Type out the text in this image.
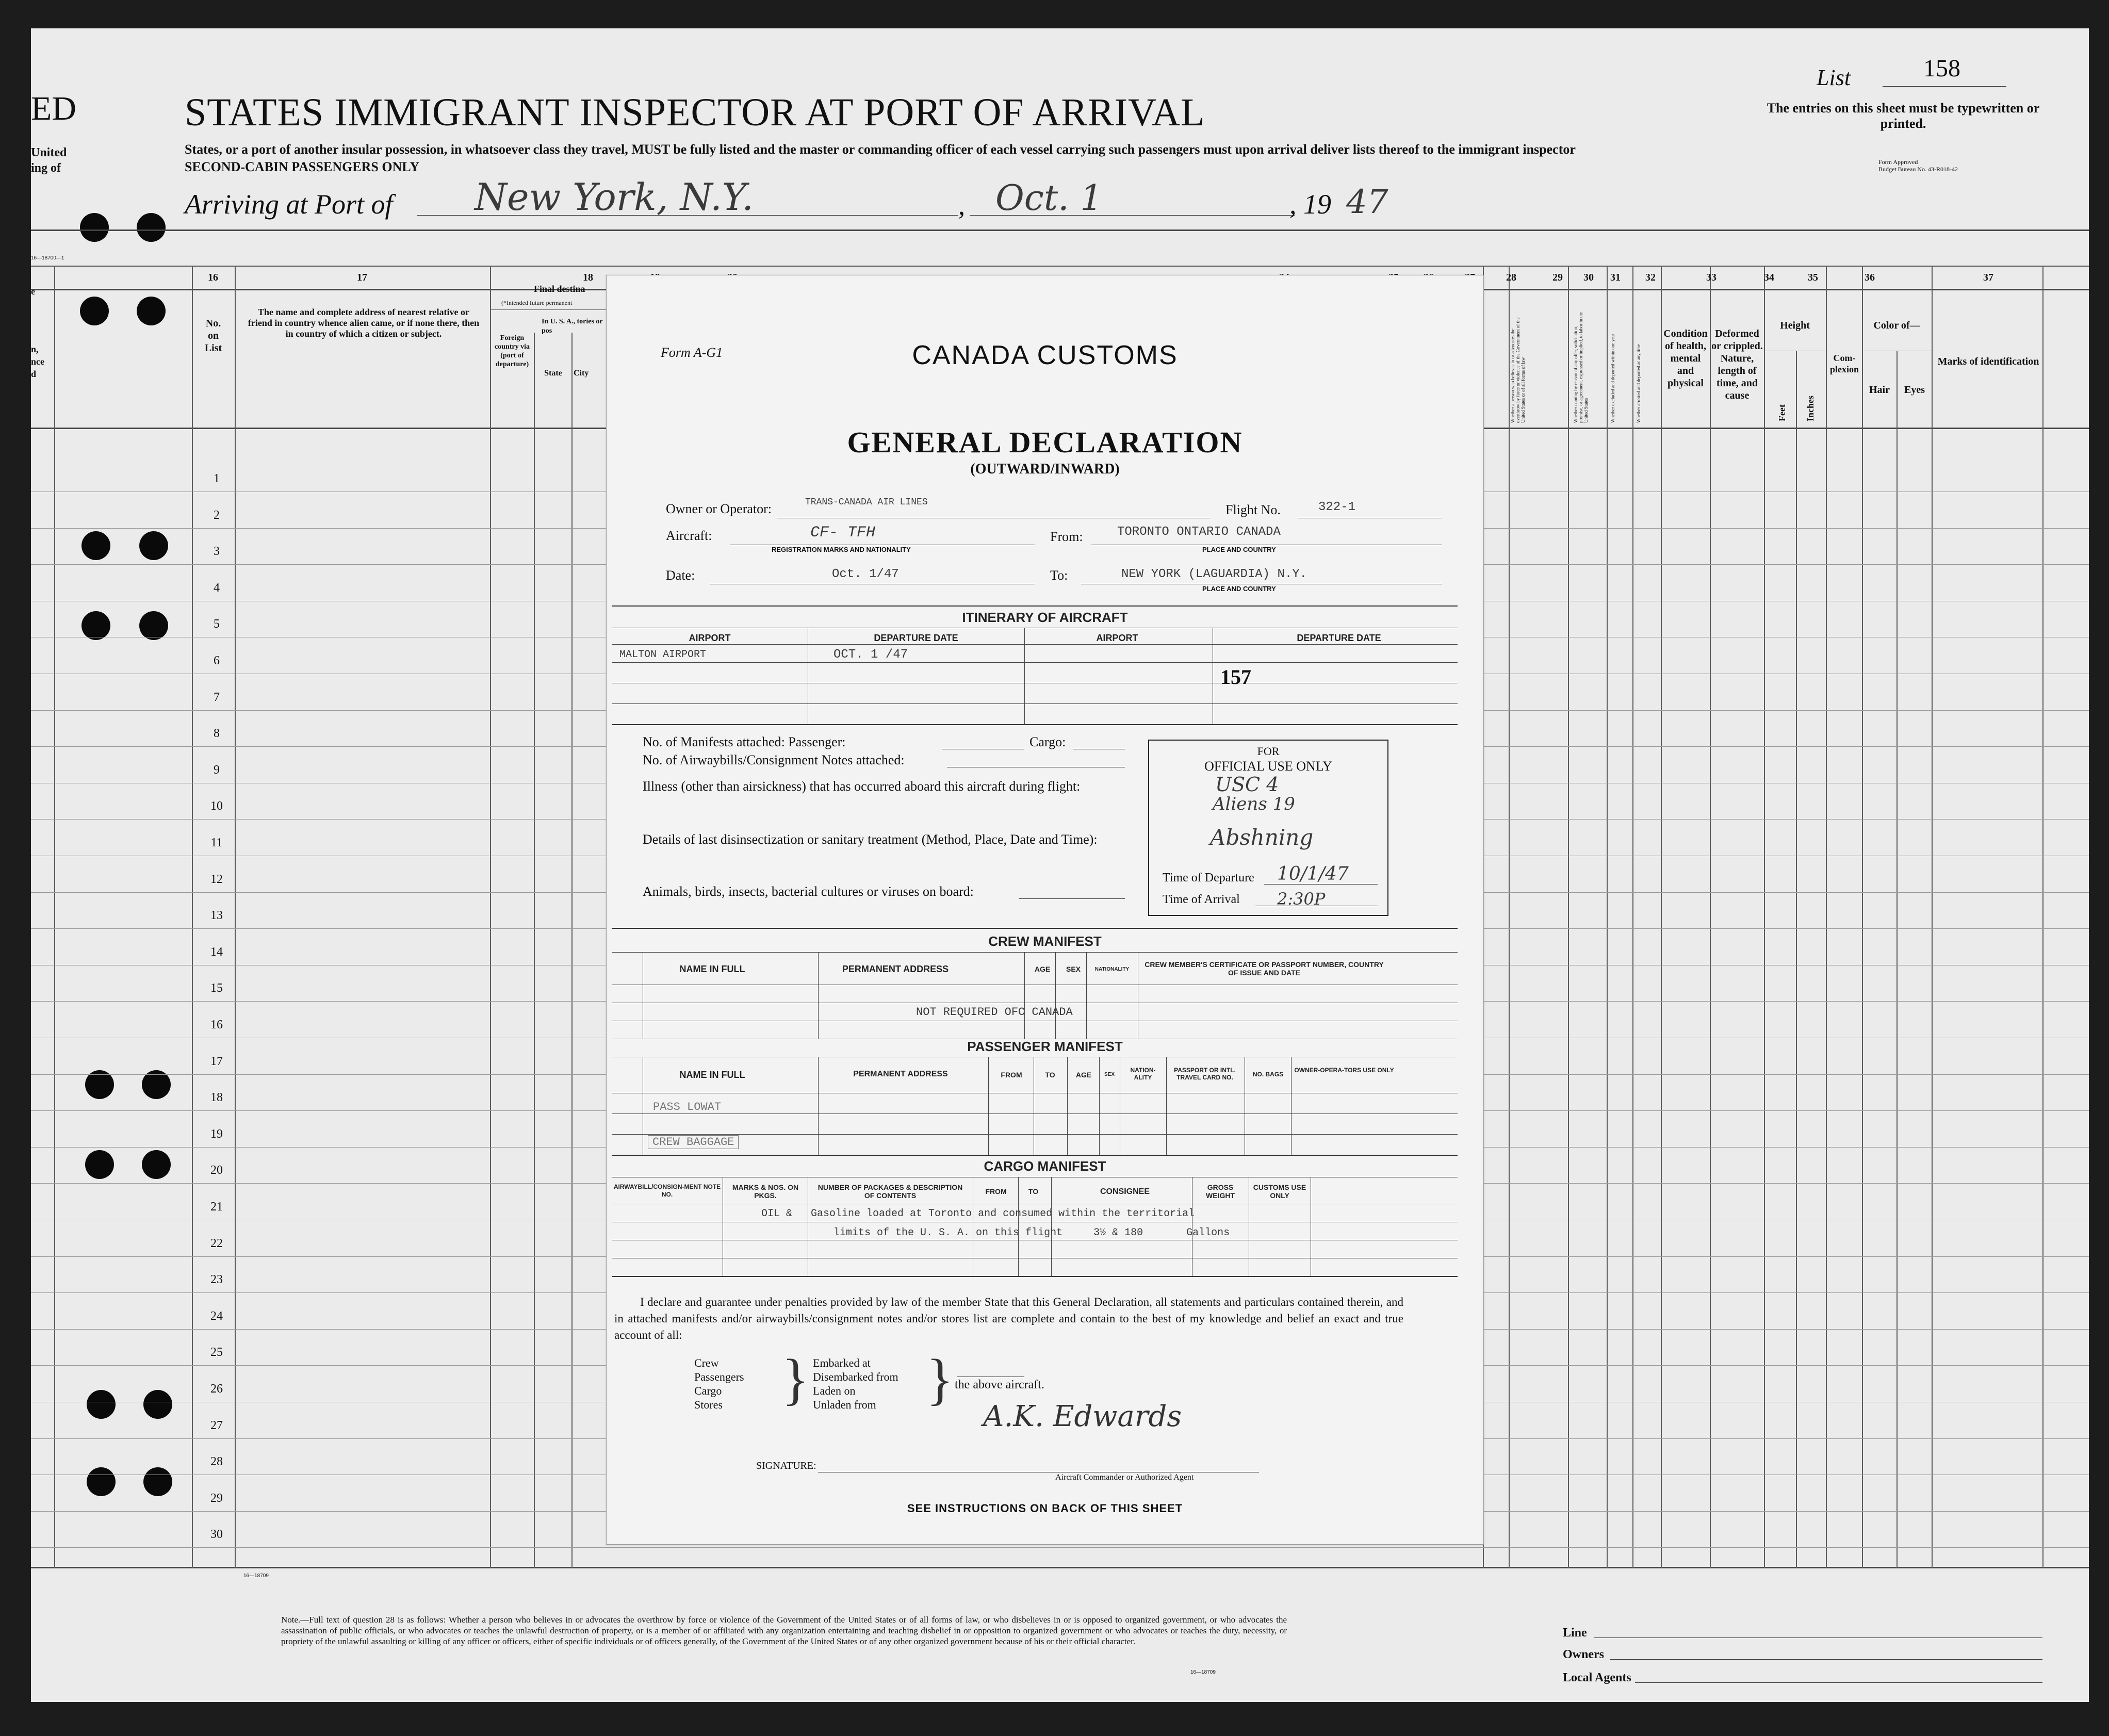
ED
United
ing of
e
n,
nce
d
16—18700—1
List	158
STATES IMMIGRANT INSPECTOR AT PORT OF ARRIVAL	The entries on this sheet must be typewritten or printed.
States, or a port of another insular possession, in whatsoever class they travel, MUST be fully listed and the master or commanding officer of each vessel carrying such passengers must upon arrival deliver lists thereof to the immigrant inspector
SECOND-CABIN PASSENGERS ONLY	Form Approved
Budget Bureau No. 43-R018-42
Arriving at Port of New York, N.Y.	, Oct. 1	, 19 47
16	17	18	28	29	30	31	32	33	34	35	36	37
No.
on
List
The name and complete address of nearest relative or friend in country whence alien came, or if none there, then in country of which a citizen or subject.
Final destina
(*Intended future permanent
Foreign country via (port of departure)
In U. S. A., tories or pos
State	City	Whether a person who believes in or advocates the overthrow by force or violence of the Government of the United States or of all forms of law	Whether coming by reason of any offer, solicitation, promise, or agreement, expressed or implied, to labor in the United States	Whether excluded and deported within one year	Whether arrested and deported at any time
Condition of health, mental and physical
Deformed or crippled. Nature, length of time, and cause
Height
Feet Inches
Com-plexion
Color of—
Hair	Eyes
Marks of identification
1
2
3
4
5
6
7
8
9
10
11
12
13
14
15
16
17
18
19
20
21
22
23
24
25
26
27
28
29
30
16—18709
Note.—Full text of question 28 is as follows: Whether a person who believes in or advocates the overthrow by force or violence of the Government of the United States or of all forms of law, or who disbelieves in or is opposed to organized government, or who advocates the assassination of public officials, or who advocates or teaches the unlawful destruction of property, or is a member of or affiliated with any organization entertaining and teaching disbelief in or opposition to organized government or who advocates or teaches the duty, necessity, or propriety of the unlawful assaulting or killing of any officer or officers, either of specific individuals or of officers generally, of the Government of the United States or of any other organized government because of his or their official character.
16—18709
Line
Owners
Local Agents
Form A-G1	CANADA CUSTOMS
GENERAL DECLARATION
(OUTWARD/INWARD)
Owner or Operator:	TRANS-CANADA AIR LINES	Flight No.	322-1
Aircraft:	CF- TFH
REGISTRATION MARKS AND NATIONALITY
From:	TORONTO ONTARIO CANADA
PLACE AND COUNTRY
Date:	Oct. 1/47	To:	NEW YORK (LAGUARDIA) N.Y.
PLACE AND COUNTRY
ITINERARY OF AIRCRAFT
AIRPORT	DEPARTURE DATE	AIRPORT	DEPARTURE DATE
MALTON AIRPORT	OCT. 1 /47
157
No. of Manifests attached: Passenger:	Cargo:
No. of Airwaybills/Consignment Notes attached:
Illness (other than airsickness) that has occurred aboard this aircraft during flight:
Details of last disinsectization or sanitary treatment (Method, Place, Date and Time):
Animals, birds, insects, bacterial cultures or viruses on board:
FOR
OFFICIAL USE ONLY
USC 4
Aliens 19
Abshning
Time of Departure 10/1/47
Time of Arrival 2:30P
CREW MANIFEST
NAME IN FULL	PERMANENT ADDRESS	AGE	SEX	NATIONALITY
CREW MEMBER'S CERTIFICATE OR PASSPORT NUMBER, COUNTRY OF ISSUE AND DATE
NOT REQUIRED OFC CANADA
PASSENGER MANIFEST
NAME IN FULL	PERMANENT ADDRESS	FROM	TO	AGE	SEX
NATION-ALITY
PASSPORT OR INTL. TRAVEL CARD NO.	NO. BAGS
OWNER-OPERA-TORS USE ONLY
PASS LOWAT
CREW BAGGAGE
CARGO MANIFEST
AIRWAYBILL/CONSIGN-MENT NOTE NO.
MARKS & NOS. ON PKGS.
NUMBER OF PACKAGES & DESCRIPTION OF CONTENTS	FROM	TO	CONSIGNEE	GROSS WEIGHT
CUSTOMS USE ONLY
OIL &   Gasoline loaded at Toronto and consumed within the territorial
limits of the U. S. A. on this flight     3½ & 180       Gallons
I declare and guarantee under penalties provided by law of the member State that this General Declaration, all statements and particulars contained therein, and in attached manifests and/or airwaybills/consignment notes and/or stores list are complete and contain to the best of my knowledge and belief an exact and true account of all:
Crew
Passengers
Cargo
Stores	} Embarked at
Disembarked from
Laden on
Unladen from } the above aircraft.
A.K. Edwards
SIGNATURE:
Aircraft Commander or Authorized Agent
SEE INSTRUCTIONS ON BACK OF THIS SHEET
